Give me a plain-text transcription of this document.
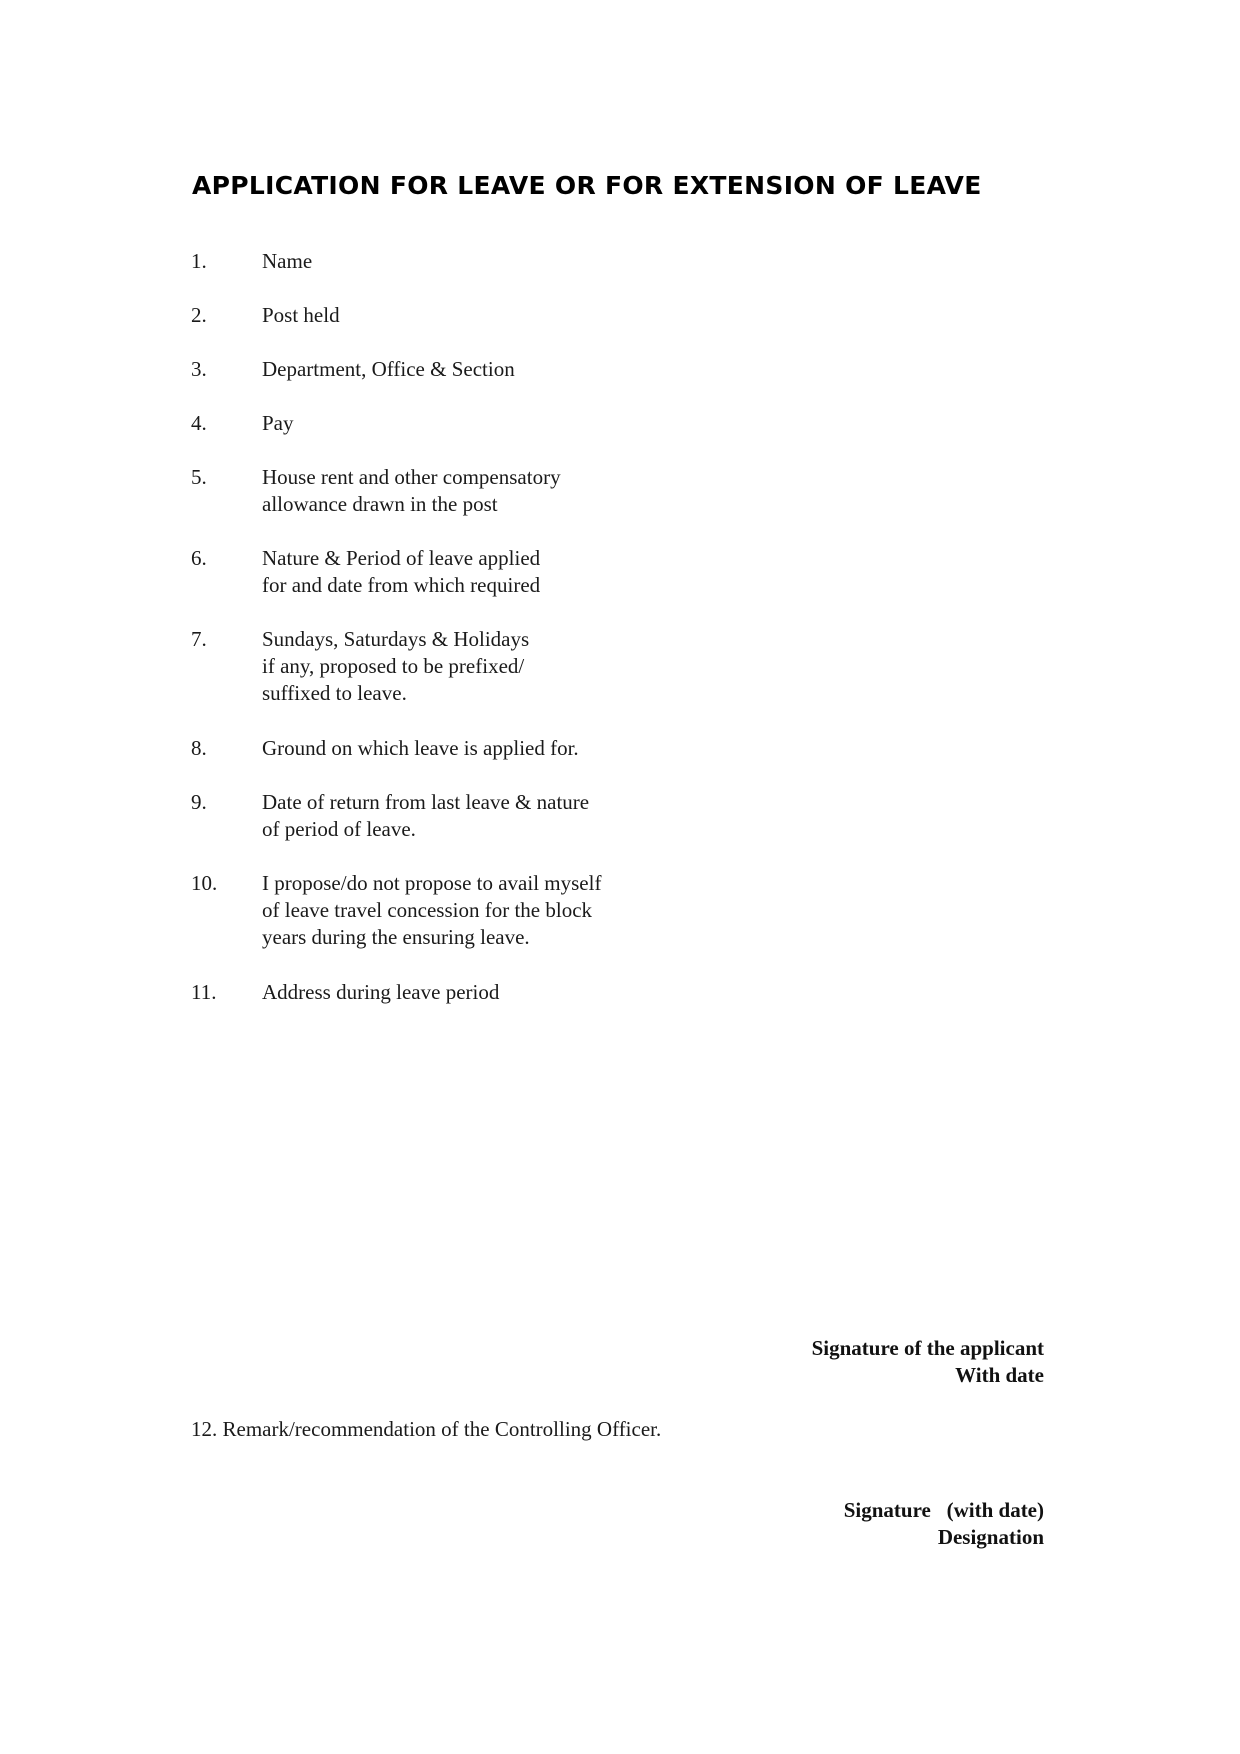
APPLICATION FOR LEAVE OR FOR EXTENSION OF LEAVE
1.	Name
2.	Post held
3.	Department, Office & Section
4.	Pay
5.	House rent and other compensatory
allowance drawn in the post
6.	Nature & Period of leave applied
for and date from which required
7.	Sundays, Saturdays & Holidays
if any, proposed to be prefixed/
suffixed to leave.
8.	Ground on which leave is applied for.
9.	Date of return from last leave & nature
of period of leave.
10.	I propose/do not propose to avail myself
of leave travel concession for the block
years during the ensuring leave.
11.	Address during leave period
Signature of the applicant
With date
12. Remark/recommendation of the Controlling Officer.
Signature   (with date)
Designation
